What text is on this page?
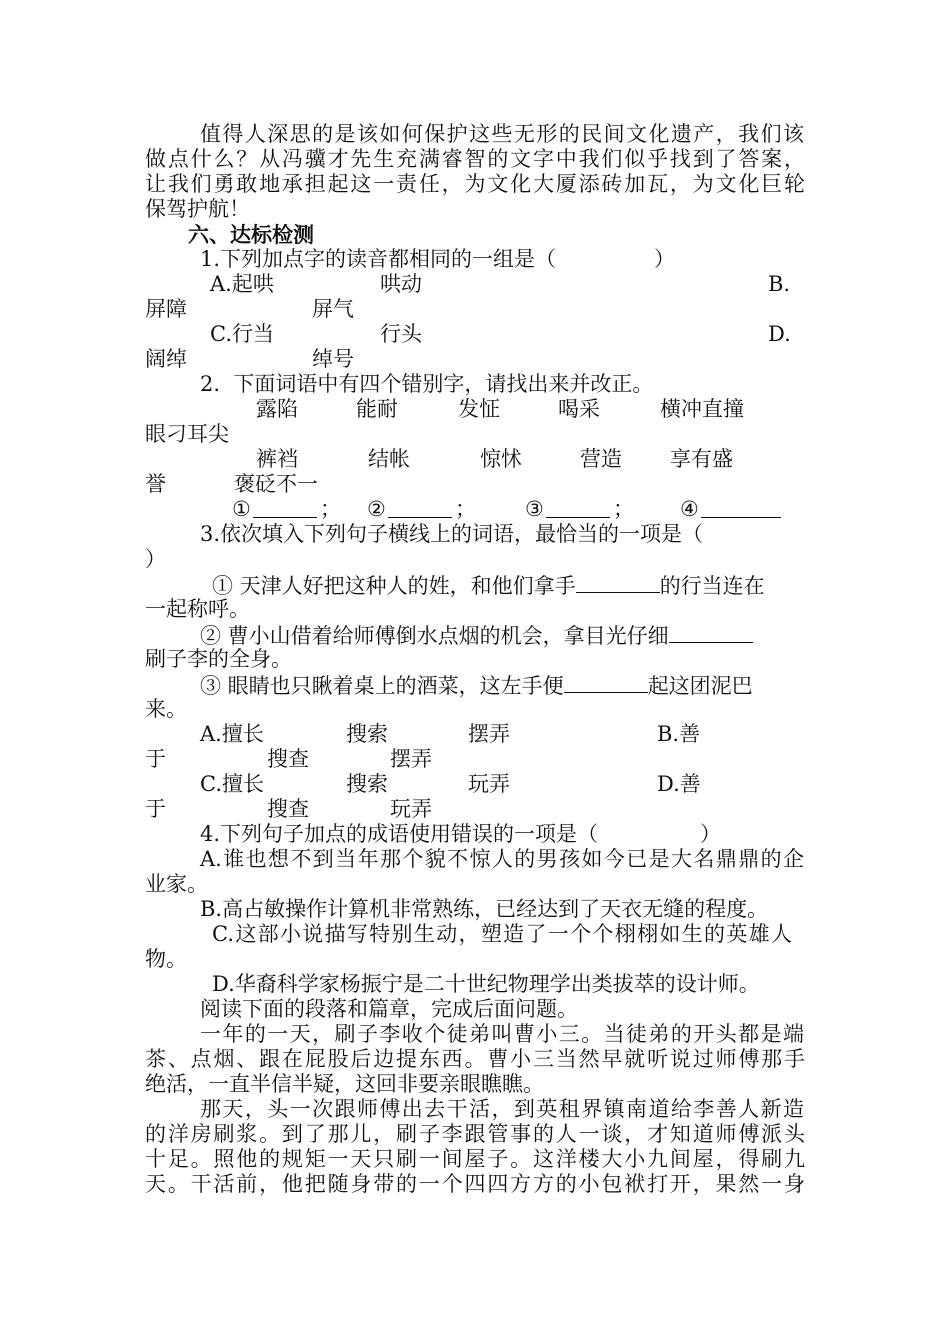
值得人深思的是该如何保护这些无形的民间文化遗产，我们该
做点什么？从冯骥才先生充满睿智的文字中我们似乎找到了答案，
让我们勇敢地承担起这一责任，为文化大厦添砖加瓦，为文化巨轮
保驾护航！
六、达标检测
1.下列加点字的读音都相同的一组是（	）
A.起哄	哄动	B.
屏障	屏气
C.行当	行头	D.
阔绰	绰号
2.  下面词语中有四个错别字，请找出来并改正。
露陷	能耐	发怔	喝采	横冲直撞
眼刁耳尖
裤裆	结帐	惊怵	营造 享有盛
誉	褒砭不一
①	； ②	； ③	； ④
3.依次填入下列句子横线上的词语，最恰当的一项是（
）
① 天津人好把这种人的姓，和他们拿手	的行当连在
一起称呼。
② 曹小山借着给师傅倒水点烟的机会，拿目光仔细
刷子李的全身。
③ 眼睛也只瞅着桌上的酒菜，这左手便	起这团泥巴
来。
A.擅长	搜索	摆弄	B.善
于	搜查	摆弄
C.擅长	搜索	玩弄	D.善
于	搜查	玩弄
4.下列句子加点的成语使用错误的一项是（	）
A.谁也想不到当年那个貌不惊人的男孩如今已是大名鼎鼎的企
业家。
B.高占敏操作计算机非常熟练，已经达到了天衣无缝的程度。
C.这部小说描写特别生动，塑造了一个个栩栩如生的英雄人
物。
D.华裔科学家杨振宁是二十世纪物理学出类拔萃的设计师。
阅读下面的段落和篇章，完成后面问题。
一年的一天，刷子李收个徒弟叫曹小三。当徒弟的开头都是端
茶、点烟、跟在屁股后边提东西。曹小三当然早就听说过师傅那手
绝活，一直半信半疑，这回非要亲眼瞧瞧。
那天，头一次跟师傅出去干活，到英租界镇南道给李善人新造
的洋房刷浆。到了那儿，刷子李跟管事的人一谈，才知道师傅派头
十足。照他的规矩一天只刷一间屋子。这洋楼大小九间屋，得刷九
天。干活前，他把随身带的一个四四方方的小包袱打开，果然一身
